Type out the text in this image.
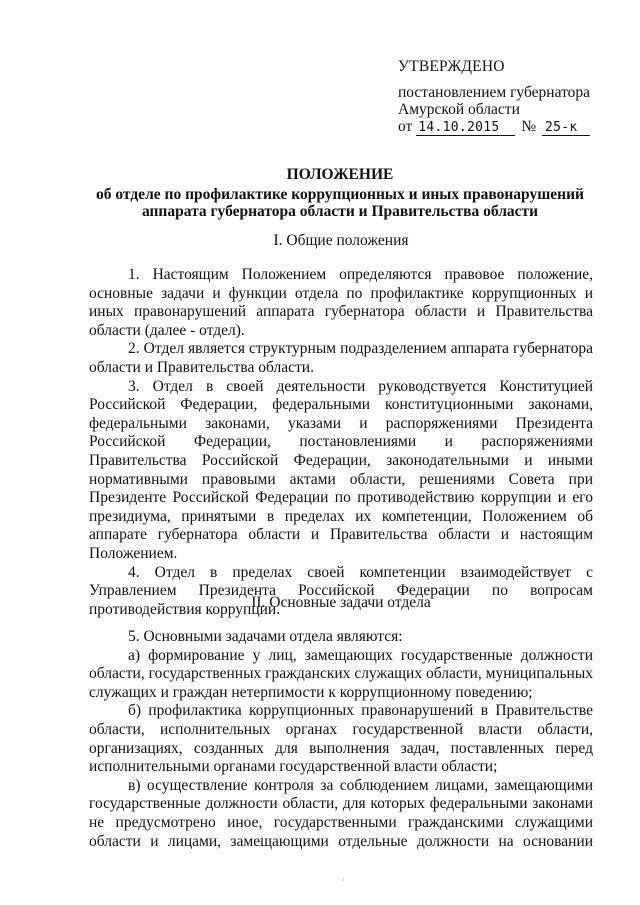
УТВЕРЖДЕНО
постановлением губернатора
Амурской области
от 14.10.2015 № 25-к
ПОЛОЖЕНИЕ
об отделе по профилактике коррупционных и иных правонарушений
аппарата губернатора области и Правительства области
I. Общие положения

1. Настоящим Положением определяются правовое положение, основные задачи и функции отдела по профилактике коррупционных и иных правонарушений аппарата губернатора области и Правительства области (далее - отдел).

2. Отдел является структурным подразделением аппарата губернатора области и Правительства области.

3. Отдел в своей деятельности руководствуется Конституцией Российской Федерации, федеральными конституционными законами, федеральными законами, указами и распоряжениями Президента Российской Федерации, постановлениями и распоряжениями Правительства Российской Федерации, законодательными и иными нормативными правовыми актами области, решениями Совета при Президенте Российской Федерации по противодействию коррупции и его президиума, принятыми в пределах их компетенции, Положением об аппарате губернатора области и Правительства области и настоящим Положением.

4. Отдел в пределах своей компетенции взаимодействует с Управлением Президента Российской Федерации по вопросам противодействия коррупции.

II. Основные задачи отдела

5. Основными задачами отдела являются:

а) формирование у лиц, замещающих государственные должности области, государственных гражданских служащих области, муниципальных служащих и граждан нетерпимости к коррупционному поведению;

б) профилактика коррупционных правонарушений в Правительстве области, исполнительных органах государственной власти области, организациях, созданных для выполнения задач, поставленных перед исполнительными органами государственной власти области;

в) осуществление контроля за соблюдением лицами, замещающими государственные должности области, для которых федеральными законами не предусмотрено иное, государственными гражданскими служащими области и лицами, замещающими отдельные должности на основании

·
